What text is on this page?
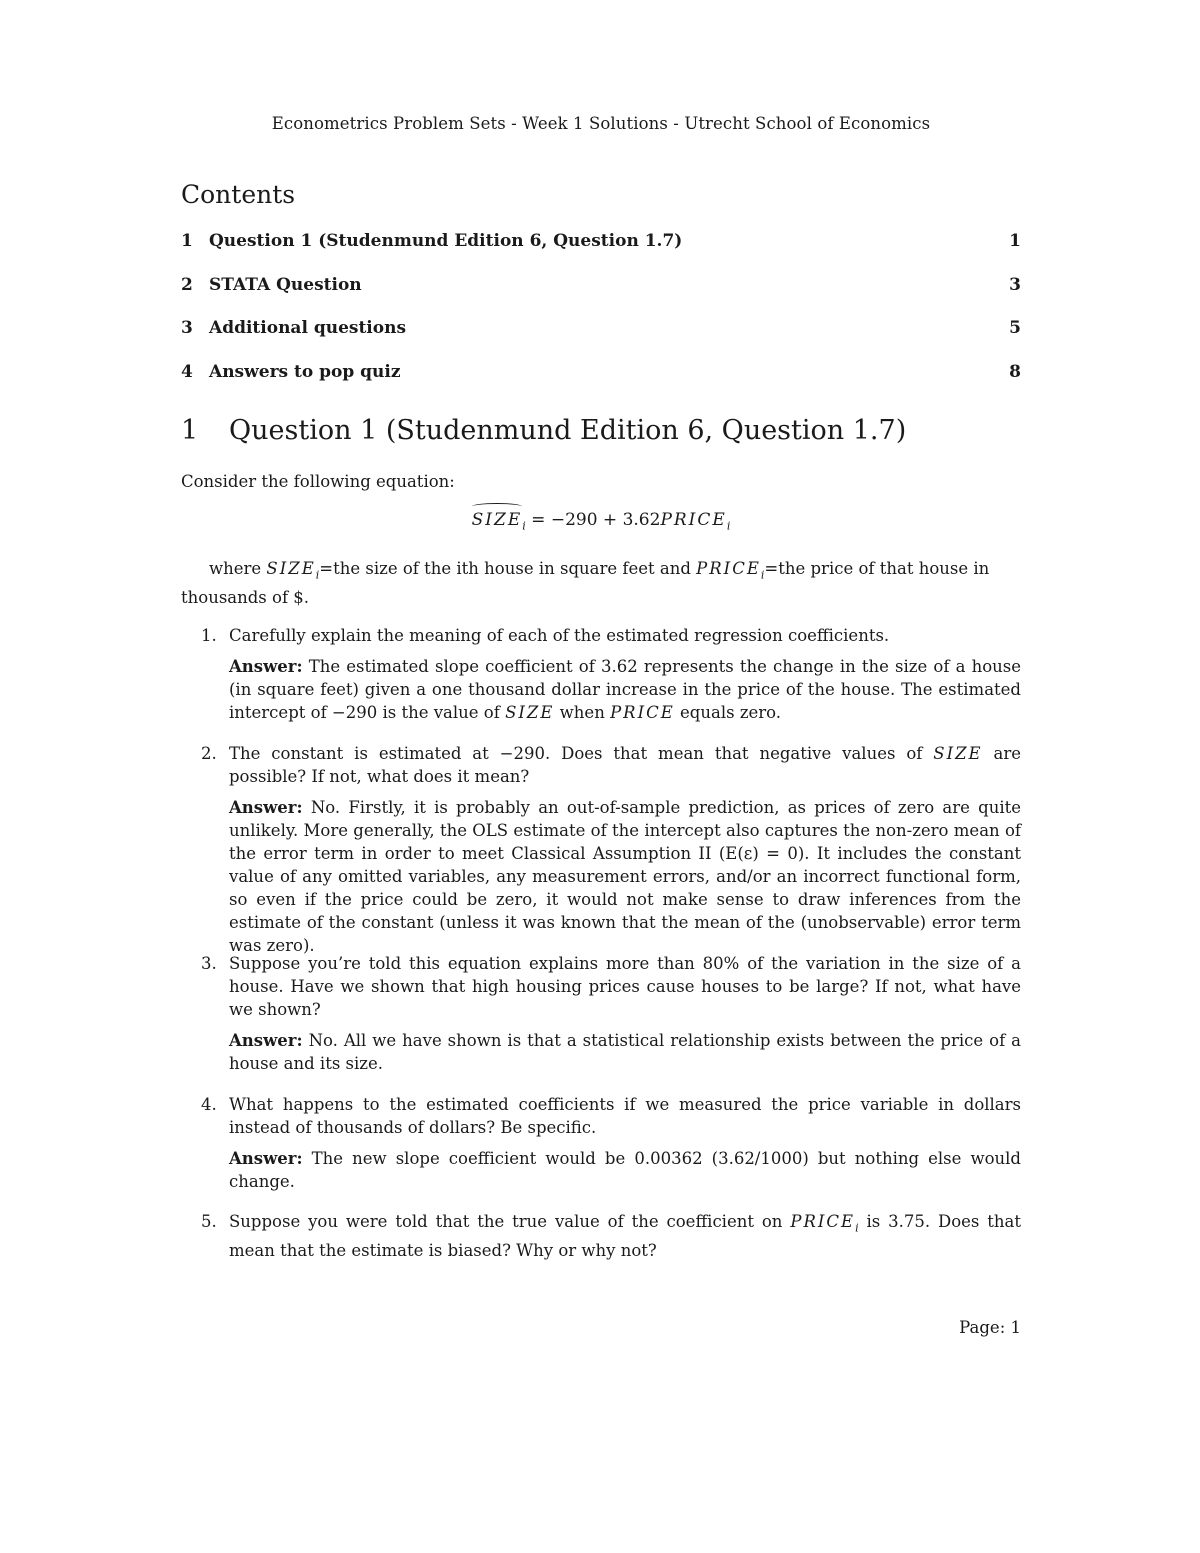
Econometrics Problem Sets - Week 1 Solutions - Utrecht School of Economics
Contents
1 Question 1 (Studenmund Edition 6, Question 1.7)	1
2 STATA Question	3
3 Additional questions	5
4 Answers to pop quiz	8
1 Question 1 (Studenmund Edition 6, Question 1.7)
Consider the following equation:
$SIZE_i = -290$ + $3.62PRICE_i$
where $SIZE_i=the$ size of the ith house in square feet and $PRICE_i=the$ price of that house in thousands of $.
1. Carefully explain the meaning of each of the estimated regression coefficients.
Answer: The estimated slope coefficient of 3.62 represents the change in the size of a house (in square feet) given a one thousand dollar increase in the price of the house. The estimated intercept of −290 is the value of SIZE when PRICE equals zero.
2. The constant is estimated at −290. Does that mean that negative values of SIZE are possible? If not, what does it mean?
Answer: No. Firstly, it is probably an out-of-sample prediction, as prices of zero are quite unlikely. More generally, the OLS estimate of the intercept also captures the non-zero mean of the error term in order to meet Classical Assumption II (E(ε) = 0). It includes the constant value of any omitted variables, any measurement errors, and/or an incorrect functional form, so even if the price could be zero, it would not make sense to draw inferences from the estimate of the constant (unless it was known that the mean of the (unobservable) error term was zero).
3. Suppose you’re told this equation explains more than 80% of the variation in the size of a house. Have we shown that high housing prices cause houses to be large? If not, what have we shown?
Answer: No. All we have shown is that a statistical relationship exists between the price of a house and its size.
4. What happens to the estimated coefficients if we measured the price variable in dollars instead of thousands of dollars? Be specific.
Answer: The new slope coefficient would be 0.00362 (3.62/1000) but nothing else would change.
5. Suppose you were told that the true value of the coefficient on $PRICE_i$ is 3.75. Does that mean that the estimate is biased? Why or why not?
Page: 1
